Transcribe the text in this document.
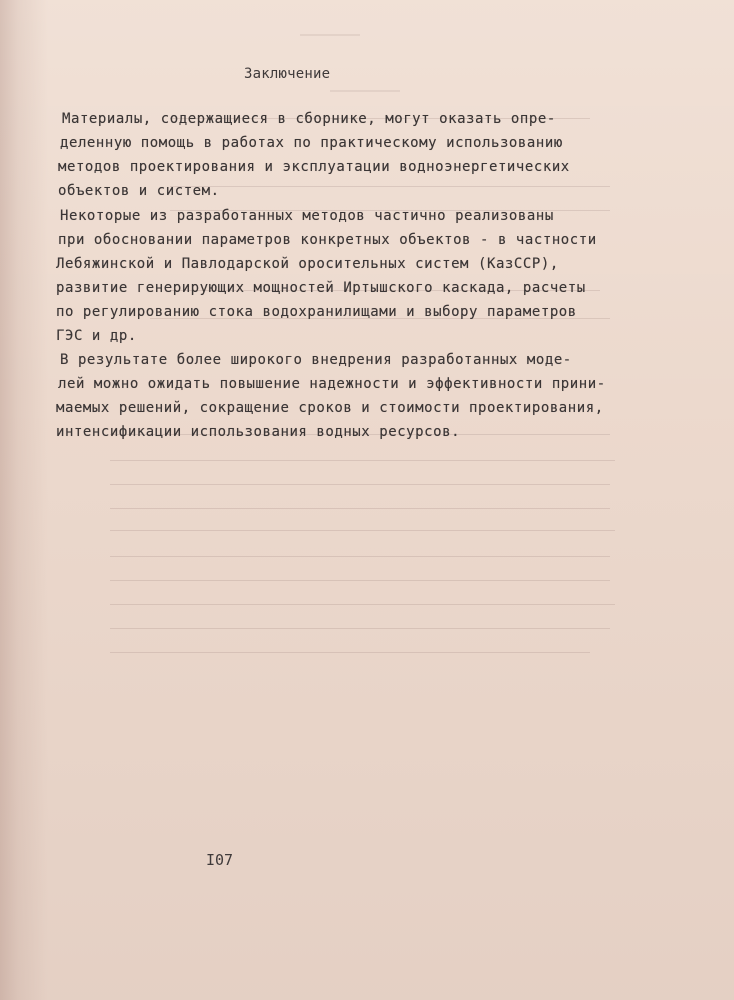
Заключение
Материалы, содержащиеся в сборнике, могут оказать опре-
деленную помощь в работах по практическому использованию
методов проектирования и эксплуатации водноэнергетических
объектов и систем.
Некоторые из разработанных методов частично реализованы
при обосновании параметров конкретных объектов - в частности
Лебяжинской и Павлодарской оросительных систем (КазССР),
развитие генерирующих мощностей Иртышского каскада, расчеты
по регулированию стока водохранилищами и выбору параметров
ГЭС и др.
В результате более широкого внедрения разработанных моде-
лей можно ожидать повышение надежности и эффективности прини-
маемых решений, сокращение сроков и стоимости проектирования,
интенсификации использования водных ресурсов.
I07
